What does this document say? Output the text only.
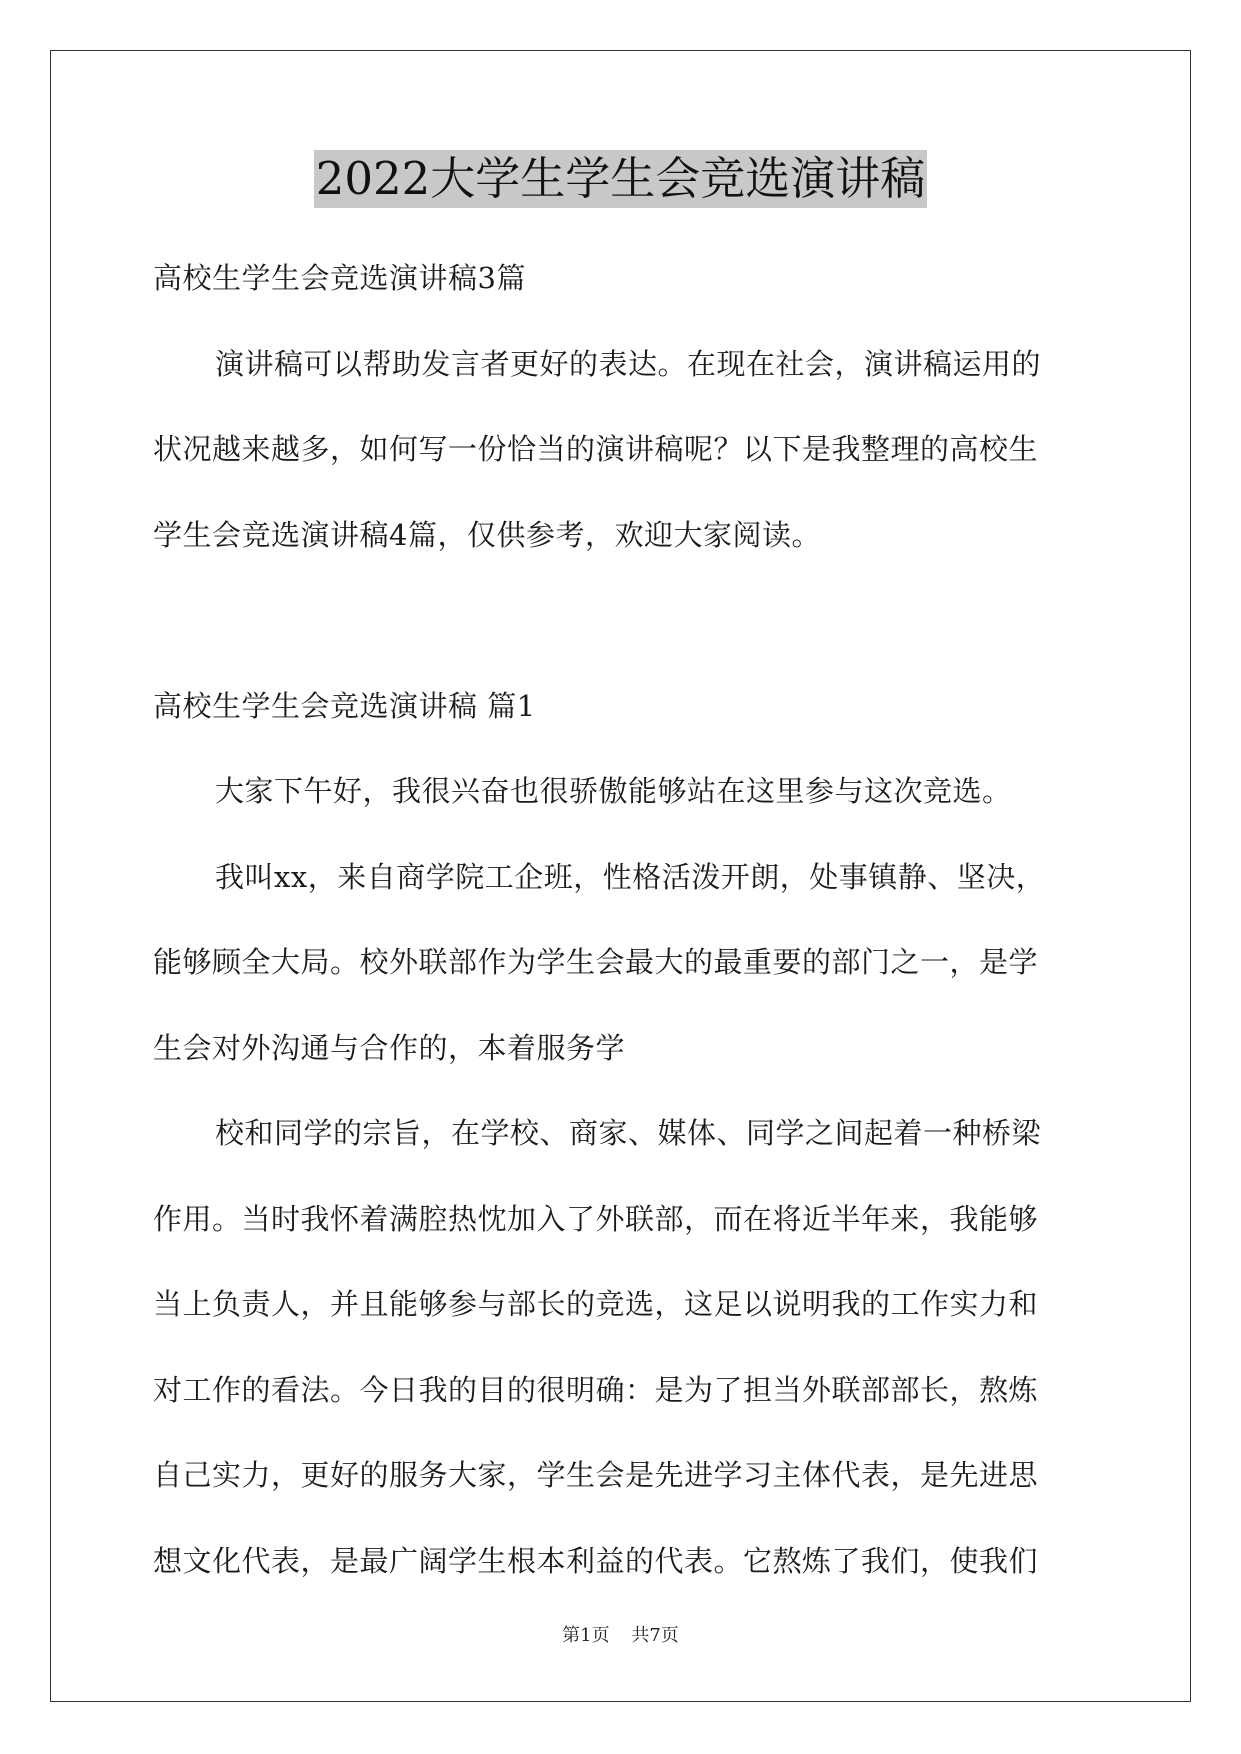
2022大学生学生会竞选演讲稿
高校生学生会竞选演讲稿3篇
演讲稿可以帮助发言者更好的表达。在现在社会，演讲稿运用的
状况越来越多，如何写一份恰当的演讲稿呢？以下是我整理的高校生
学生会竞选演讲稿4篇，仅供参考，欢迎大家阅读。
高校生学生会竞选演讲稿 篇1
大家下午好，我很兴奋也很骄傲能够站在这里参与这次竞选。
我叫xx，来自商学院工企班，性格活泼开朗，处事镇静、坚决，
能够顾全大局。校外联部作为学生会最大的最重要的部门之一，是学
生会对外沟通与合作的，本着服务学
校和同学的宗旨，在学校、商家、媒体、同学之间起着一种桥梁
作用。当时我怀着满腔热忱加入了外联部，而在将近半年来，我能够
当上负责人，并且能够参与部长的竞选，这足以说明我的工作实力和
对工作的看法。今日我的目的很明确：是为了担当外联部部长，熬炼
自己实力，更好的服务大家，学生会是先进学习主体代表，是先进思
想文化代表，是最广阔学生根本利益的代表。它熬炼了我们，使我们
第1页 共7页
